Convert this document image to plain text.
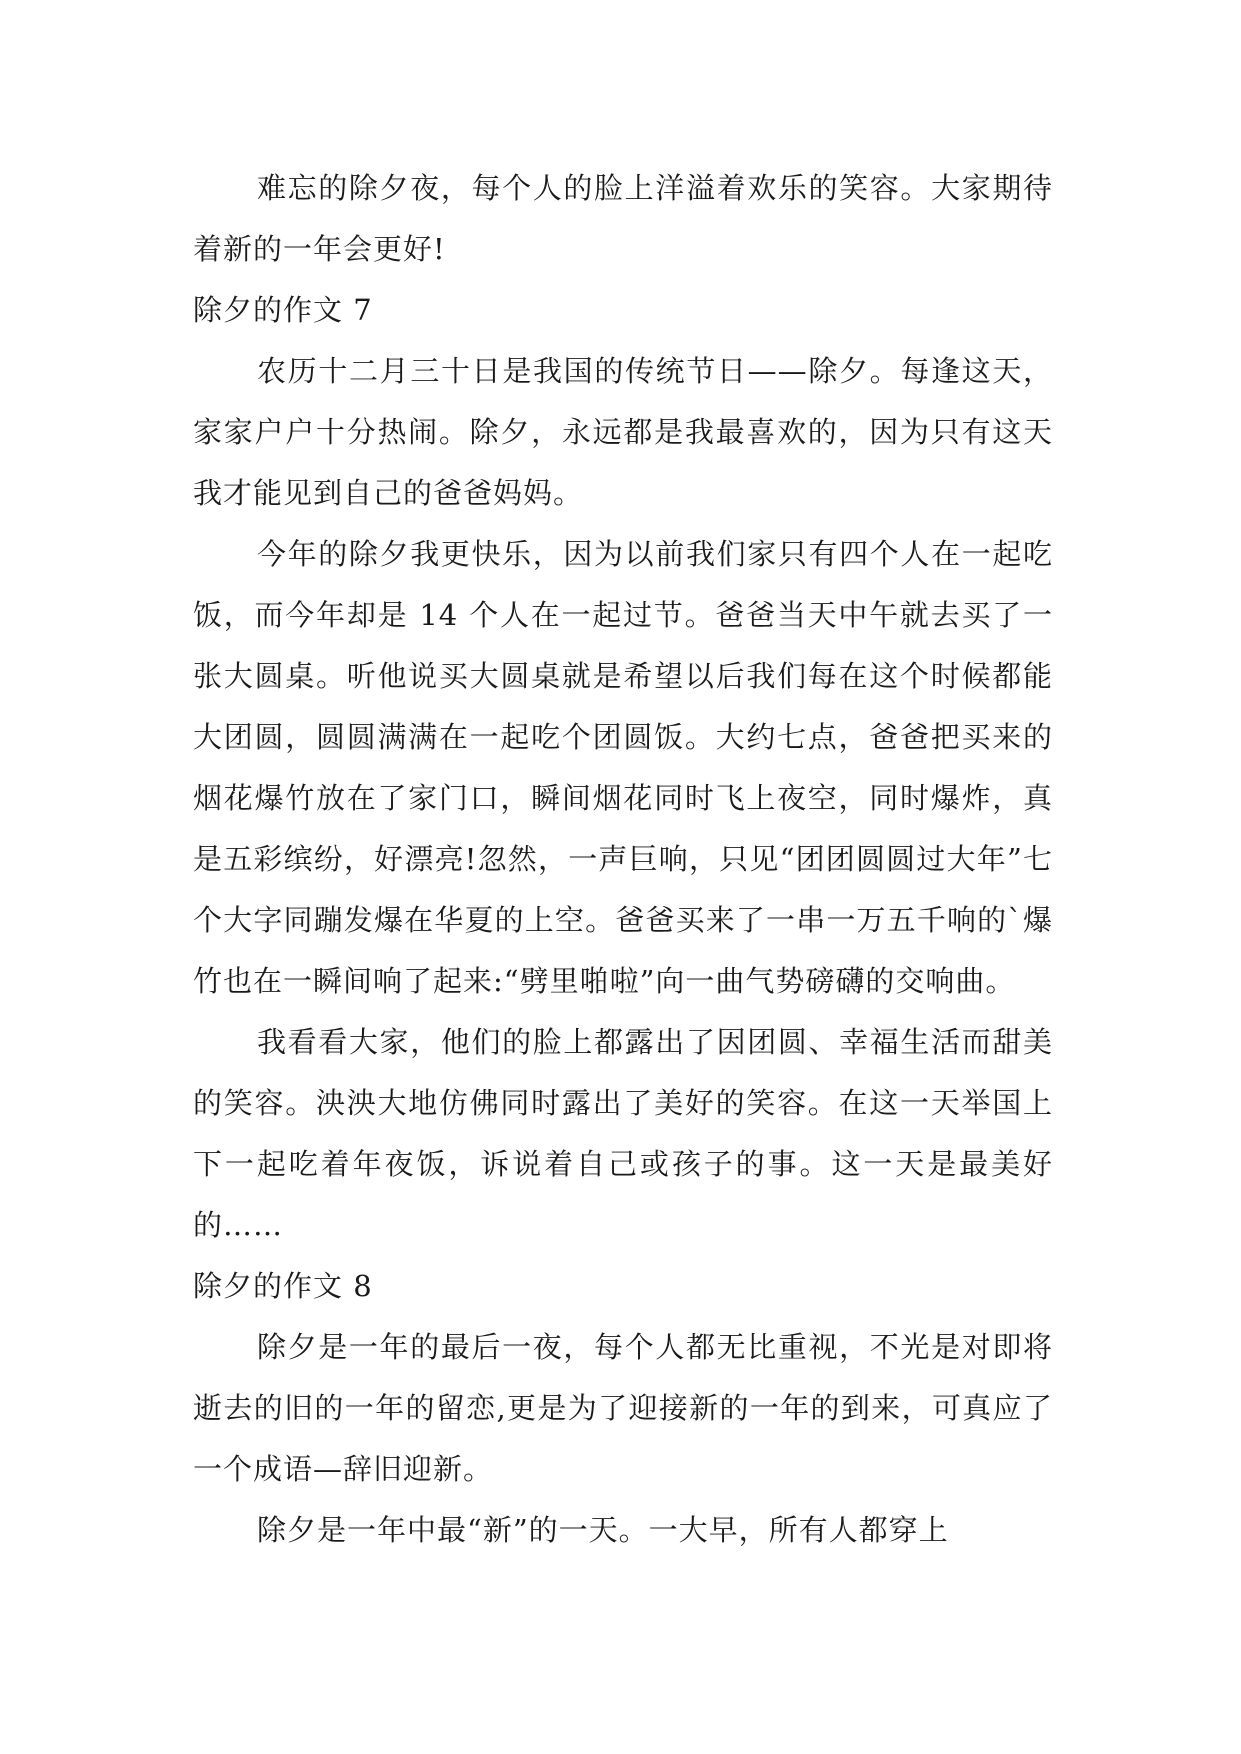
难忘的除夕夜，每个人的脸上洋溢着欢乐的笑容。大家期待着新的一年会更好!

除夕的作文 7

农历十二月三十日是我国的传统节日——除夕。每逢这天，家家户户十分热闹。除夕，永远都是我最喜欢的，因为只有这天我才能见到自己的爸爸妈妈。

今年的除夕我更快乐，因为以前我们家只有四个人在一起吃饭，而今年却是 14 个人在一起过节。爸爸当天中午就去买了一张大圆桌。听他说买大圆桌就是希望以后我们每在这个时候都能大团圆，圆圆满满在一起吃个团圆饭。大约七点，爸爸把买来的烟花爆竹放在了家门口，瞬间烟花同时飞上夜空，同时爆炸，真是五彩缤纷，好漂亮!忽然，一声巨响，只见“团团圆圆过大年”七个大字同蹦发爆在华夏的上空。爸爸买来了一串一万五千响的`爆竹也在一瞬间响了起来:“劈里啪啦”向一曲气势磅礴的交响曲。

我看看大家，他们的脸上都露出了因团圆、幸福生活而甜美的笑容。泱泱大地仿佛同时露出了美好的笑容。在这一天举国上下一起吃着年夜饭，诉说着自己或孩子的事。这一天是最美好的……

除夕的作文 8

除夕是一年的最后一夜，每个人都无比重视，不光是对即将逝去的旧的一年的留恋,更是为了迎接新的一年的到来，可真应了一个成语—辞旧迎新。

除夕是一年中最“新”的一天。一大早，所有人都穿上
